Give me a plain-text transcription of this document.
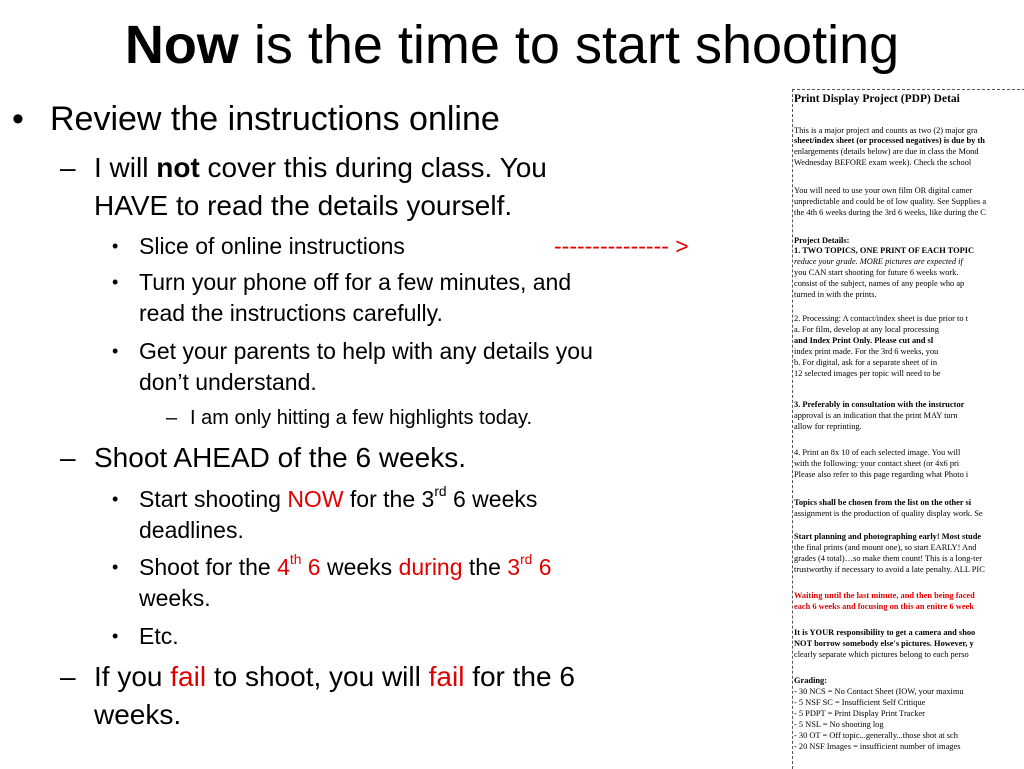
Now is the time to start shooting
• Review the instructions online
– I will not cover this during class. You
HAVE to read the details yourself.
• Slice of online instructions	--------------- >
• Turn your phone off for a few minutes, and
read the instructions carefully.
• Get your parents to help with any details you
don’t understand.
– I am only hitting a few highlights today.
– Shoot AHEAD of the 6 weeks.
• Start shooting NOW for the 3rd 6 weeks
deadlines.
• Shoot for the 4th 6 weeks during the 3rd 6
weeks.
• Etc.
– If you fail to shoot, you will fail for the 6
weeks.
Print Display Project (PDP) Detai
This is a major project and counts as two (2) major gra
sheet/index sheet (or processed negatives) is due by th
enlargements (details below) are due in class the Mond
Wednesday BEFORE exam week). Check the school
You will need to use your own film OR digital camer
unpredictable and could be of low quality. See Supplies a
the 4th 6 weeks during the 3rd 6 weeks, like during the C
Project Details:
1. TWO TOPICS, ONE PRINT OF EACH TOPIC
reduce your grade. MORE pictures are expected if
you CAN start shooting for future 6 weeks work.
consist of the subject, names of any people who ap
turned in with the prints.
2. Processing: A contact/index sheet is due prior to t
a. For film, develop at any local processing
and Index Print Only. Please cut and sl
index print made. For the 3rd 6 weeks, you
b. For digital, ask for a separate sheet of in
12 selected images per topic will need to be
3. Preferably in consultation with the instructor
approval is an indication that the print MAY turn
allow for reprinting.
4. Print an 8x 10 of each selected image. You will
with the following: your contact sheet (or 4x6 pri
Please also refer to this page regarding what Photo i
Topics shall be chosen from the list on the other si
assignment is the production of quality display work. Se
Start planning and photographing early! Most stude
the final prints (and mount one), so start EARLY! And
grades (4 total)…so make them count! This is a long-ter
trustworthy if necessary to avoid a late penalty. ALL PIC
Waiting until the last minute, and then being faced
each 6 weeks and focusing on this an enitre 6 week
It is YOUR responsibility to get a camera and shoo
NOT borrow somebody else's pictures. However, y
clearly separate which pictures belong to each perso
Grading:
- 30 NCS = No Contact Sheet (IOW, your maximu
- 5 NSF SC = Insufficient Self Critique
- 5 PDPT = Print Display Print Tracker
- 5 NSL = No shooting log
- 30 OT = Off topic...generally...those shot at sch
- 20 NSF Images = insufficient number of images
